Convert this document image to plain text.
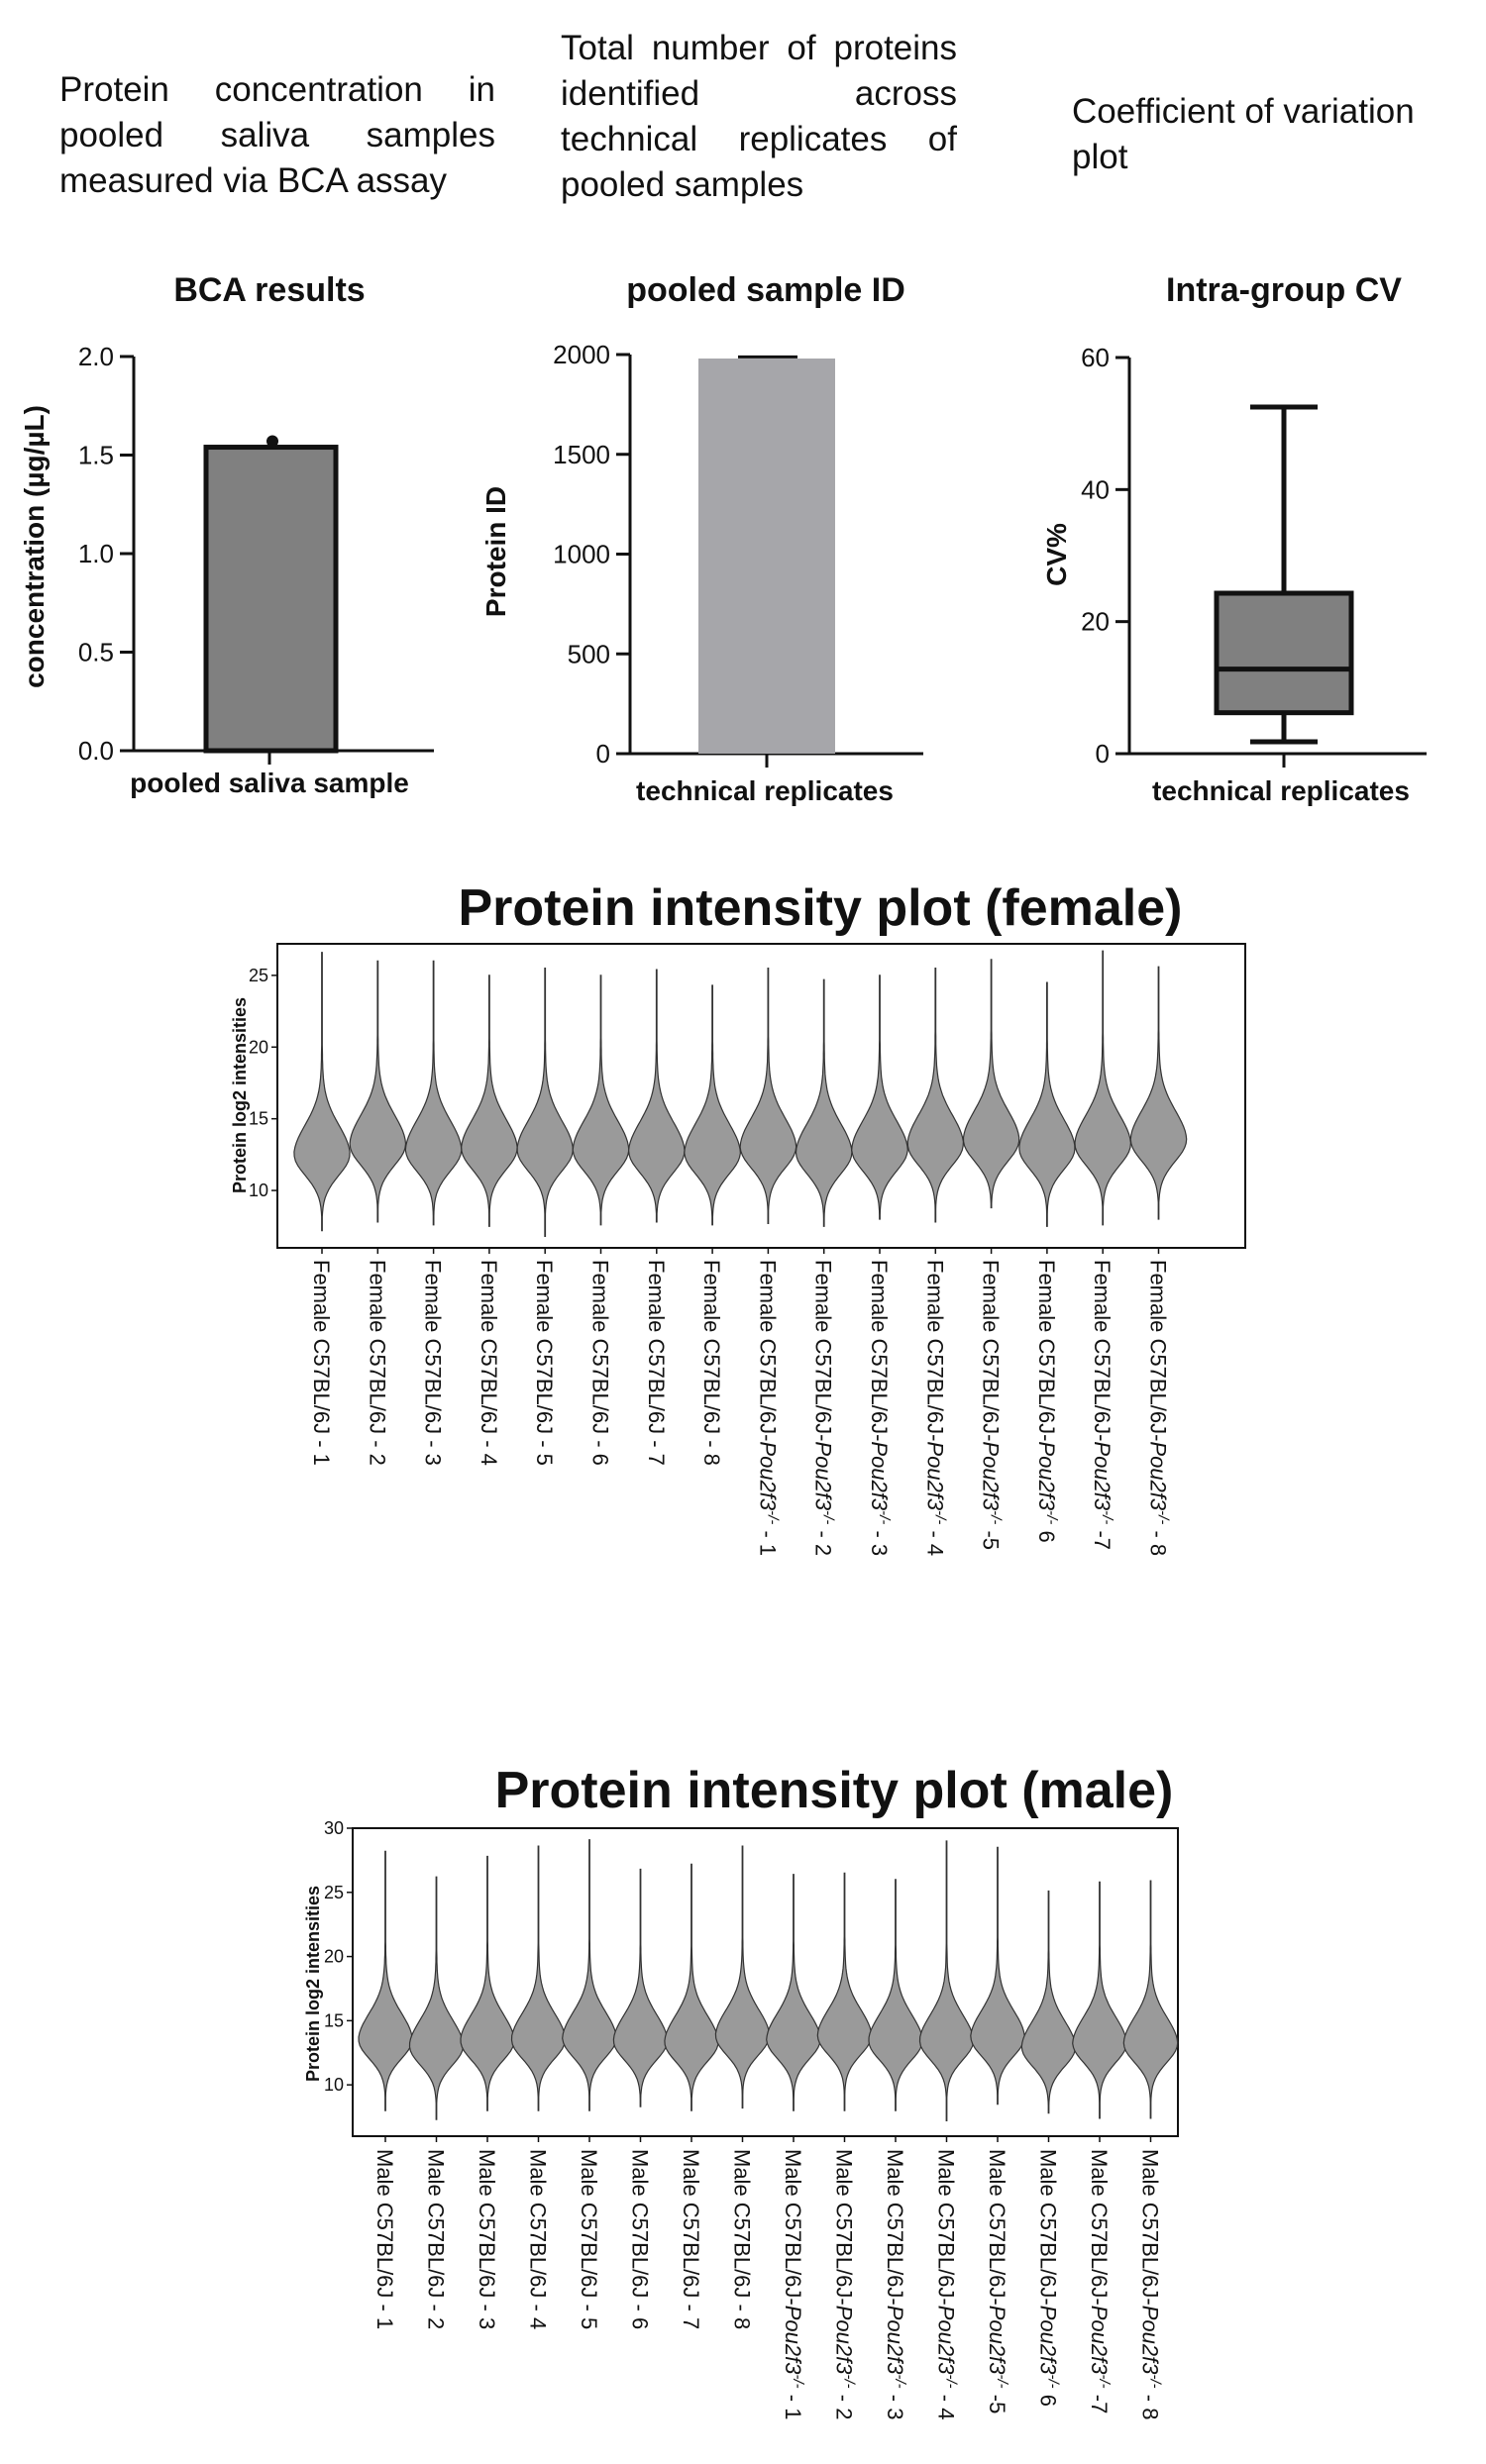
Protein concentration in pooled saliva samples measured via BCA assay

Total number of proteins identified across technical replicates of pooled samples

Coefficient of variation plot

BCA results
concentration (µg/µL)
pooled saliva sample
0.0
0.5
1.0
1.5
2.0
pooled sample ID
Protein ID
technical replicates
0
500
1000
1500
2000
Intra-group CV
CV%
technical replicates
0
20
40
60
Protein intensity plot (female)
Protein log2 intensities
10
15
20
25
Female C57BL/6J - 1 Female C57BL/6J - 2 Female C57BL/6J - 3 Female C57BL/6J - 4 Female C57BL/6J - 5 Female C57BL/6J - 6 Female C57BL/6J - 7 Female C57BL/6J - 8 Female C57BL/6J-Pou2f3-/- - 1
Female C57BL/6J-Pou2f3-/- - 2
Female C57BL/6J-Pou2f3-/- - 3
Female C57BL/6J-Pou2f3-/- - 4
Female C57BL/6J-Pou2f3-/- -5
Female C57BL/6J-Pou2f3-/- 6
Female C57BL/6J-Pou2f3-/- -7
Female C57BL/6J-Pou2f3-/- - 8
Protein intensity plot (male)
Protein log2 intensities
10
15
20
25
30
Male C57BL/6J - 1 Male C57BL/6J - 2 Male C57BL/6J - 3 Male C57BL/6J - 4 Male C57BL/6J - 5 Male C57BL/6J - 6 Male C57BL/6J - 7 Male C57BL/6J - 8 Male C57BL/6J-Pou2f3-/- - 1
Male C57BL/6J-Pou2f3-/- - 2
Male C57BL/6J-Pou2f3-/- - 3
Male C57BL/6J-Pou2f3-/- - 4
Male C57BL/6J-Pou2f3-/- -5
Male C57BL/6J-Pou2f3-/- 6
Male C57BL/6J-Pou2f3-/- -7
Male C57BL/6J-Pou2f3-/- - 8
